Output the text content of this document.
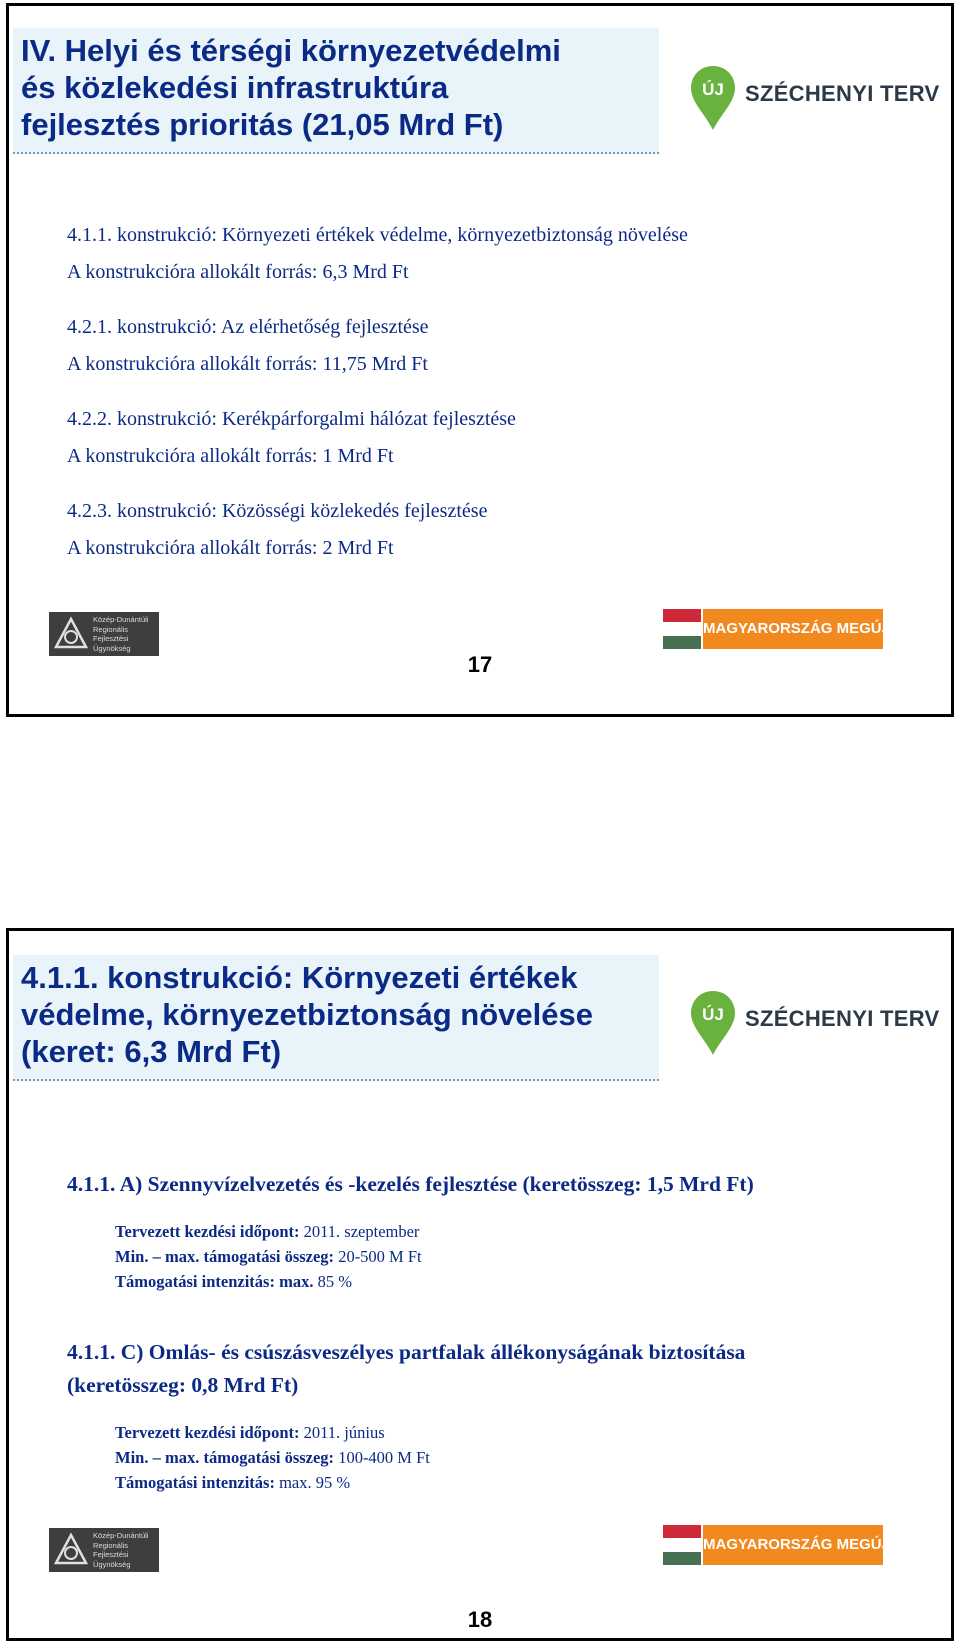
IV. Helyi és térségi környezetvédelmi
és közlekedési infrastruktúra
fejlesztés prioritás (21,05 Mrd Ft)
ÚJ SZÉCHENYI TERV
4.1.1. konstrukció: Környezeti értékek védelme, környezetbiztonság növelése
A konstrukcióra allokált forrás: 6,3 Mrd Ft
4.2.1. konstrukció: Az elérhetőség fejlesztése
A konstrukcióra allokált forrás: 11,75 Mrd Ft
4.2.2. konstrukció: Kerékpárforgalmi hálózat fejlesztése
A konstrukcióra allokált forrás: 1 Mrd Ft
4.2.3. konstrukció: Közösségi közlekedés fejlesztése
A konstrukcióra allokált forrás: 2 Mrd Ft
Közép-Dunántúli
Regionális
Fejlesztési
Ügynökség
MAGYARORSZÁG MEGÚJUL
17
4.1.1. konstrukció: Környezeti értékek
védelme, környezetbiztonság növelése
(keret: 6,3 Mrd Ft)
ÚJ SZÉCHENYI TERV
4.1.1. A) Szennyvízelvezetés és -kezelés fejlesztése (keretösszeg: 1,5 Mrd Ft)
Tervezett kezdési időpont: 2011. szeptember
Min. – max. támogatási összeg: 20-500 M Ft
Támogatási intenzitás: max. 85 %
4.1.1. C) Omlás- és csúszásveszélyes partfalak állékonyságának biztosítása
(keretösszeg: 0,8 Mrd Ft)
Tervezett kezdési időpont: 2011. június
Min. – max. támogatási összeg: 100-400 M Ft
Támogatási intenzitás: max. 95 %
Közép-Dunántúli
Regionális
Fejlesztési
Ügynökség
MAGYARORSZÁG MEGÚJUL
18
